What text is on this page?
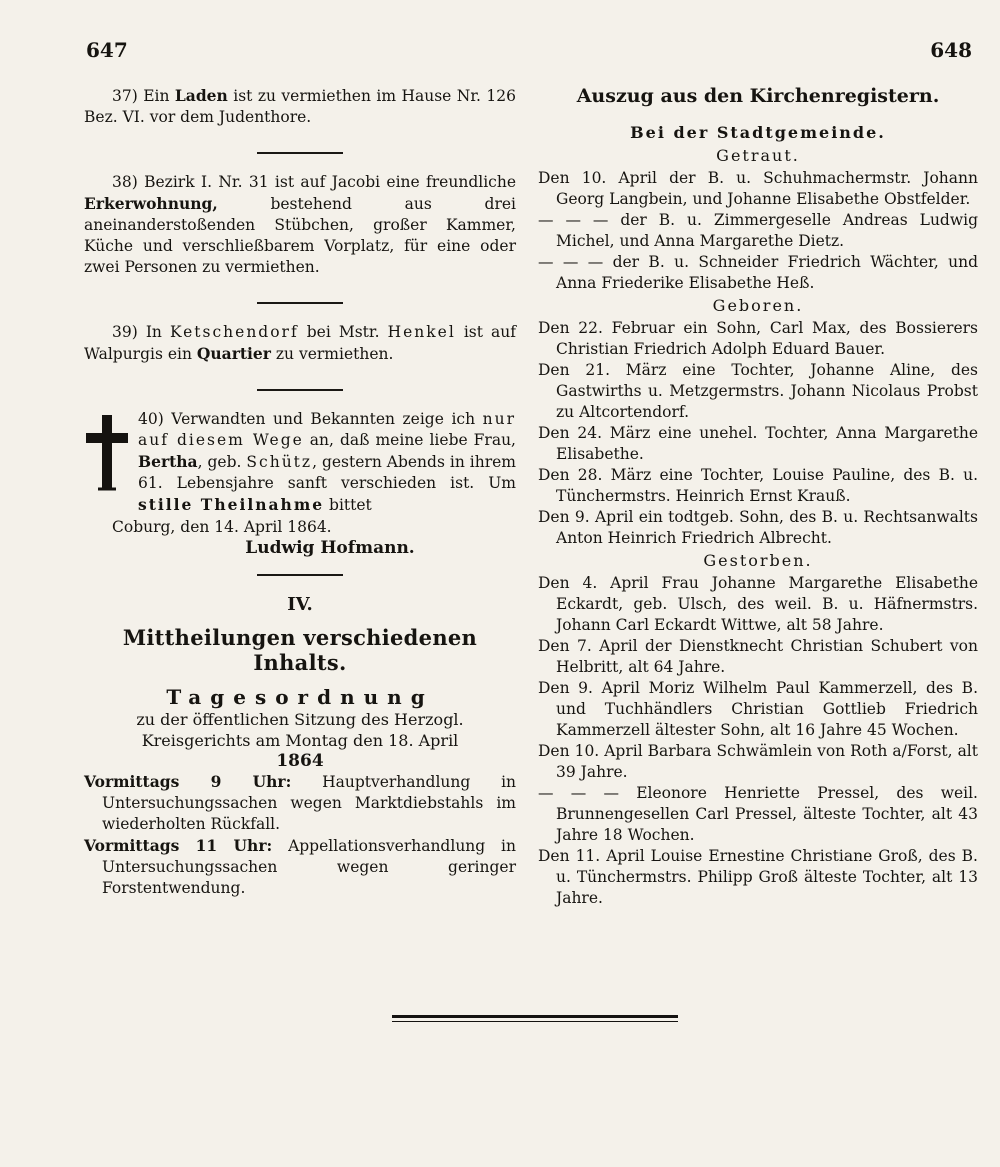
647	648

37) Ein Laden ist zu vermiethen im Hause Nr. 126 Bez. VI. vor dem Judenthore.

38) Bezirk I. Nr. 31 ist auf Jacobi eine freundliche Erkerwohnung, bestehend aus drei aneinanderstoßenden Stübchen, großer Kammer, Küche und verschließbarem Vorplatz, für eine oder zwei Personen zu vermiethen.

39) In Ketschendorf bei Mstr. Henkel ist auf Walpurgis ein Quartier zu vermiethen.

40) Verwandten und Bekannten zeige ich nur auf diesem Wege an, daß meine liebe Frau, Bertha, geb. Schütz, gestern Abends in ihrem 61. Lebensjahre sanft verschieden ist. Um stille Theilnahme bittet

Coburg, den 14. April 1864.

Ludwig Hofmann.

IV.

Mittheilungen verschiedenen Inhalts.

Tagesordnung

zu der öffentlichen Sitzung des Herzogl. Kreisgerichts am Montag den 18. April

1864

Vormittags 9 Uhr: Hauptverhandlung in Untersuchungssachen wegen Marktdiebstahls im wiederholten Rückfall.

Vormittags 11 Uhr: Appellationsverhandlung in Untersuchungssachen wegen geringer Forstentwendung.

Auszug aus den Kirchenregistern.

Bei der Stadtgemeinde.

Getraut.

Den 10. April der B. u. Schuhmachermstr. Johann Georg Langbein, und Johanne Elisabethe Obstfelder.

— — — der B. u. Zimmergeselle Andreas Ludwig Michel, und Anna Margarethe Dietz.

— — — der B. u. Schneider Friedrich Wächter, und Anna Friederike Elisabethe Heß.

Geboren.

Den 22. Februar ein Sohn, Carl Max, des Bossierers Christian Friedrich Adolph Eduard Bauer.

Den 21. März eine Tochter, Johanne Aline, des Gastwirths u. Metzgermstrs. Johann Nicolaus Probst zu Altcortendorf.

Den 24. März eine unehel. Tochter, Anna Margarethe Elisabethe.

Den 28. März eine Tochter, Louise Pauline, des B. u. Tünchermstrs. Heinrich Ernst Krauß.

Den 9. April ein todtgeb. Sohn, des B. u. Rechtsanwalts Anton Heinrich Friedrich Albrecht.

Gestorben.

Den 4. April Frau Johanne Margarethe Elisabethe Eckardt, geb. Ulsch, des weil. B. u. Häfnermstrs. Johann Carl Eckardt Wittwe, alt 58 Jahre.

Den 7. April der Dienstknecht Christian Schubert von Helbritt, alt 64 Jahre.

Den 9. April Moriz Wilhelm Paul Kammerzell, des B. und Tuchhändlers Christian Gottlieb Friedrich Kammerzell ältester Sohn, alt 16 Jahre 45 Wochen.

Den 10. April Barbara Schwämlein von Roth a/Forst, alt 39 Jahre.

— — — Eleonore Henriette Pressel, des weil. Brunnengesellen Carl Pressel, älteste Tochter, alt 43 Jahre 18 Wochen.

Den 11. April Louise Ernestine Christiane Groß, des B. u. Tünchermstrs. Philipp Groß älteste Tochter, alt 13 Jahre.
